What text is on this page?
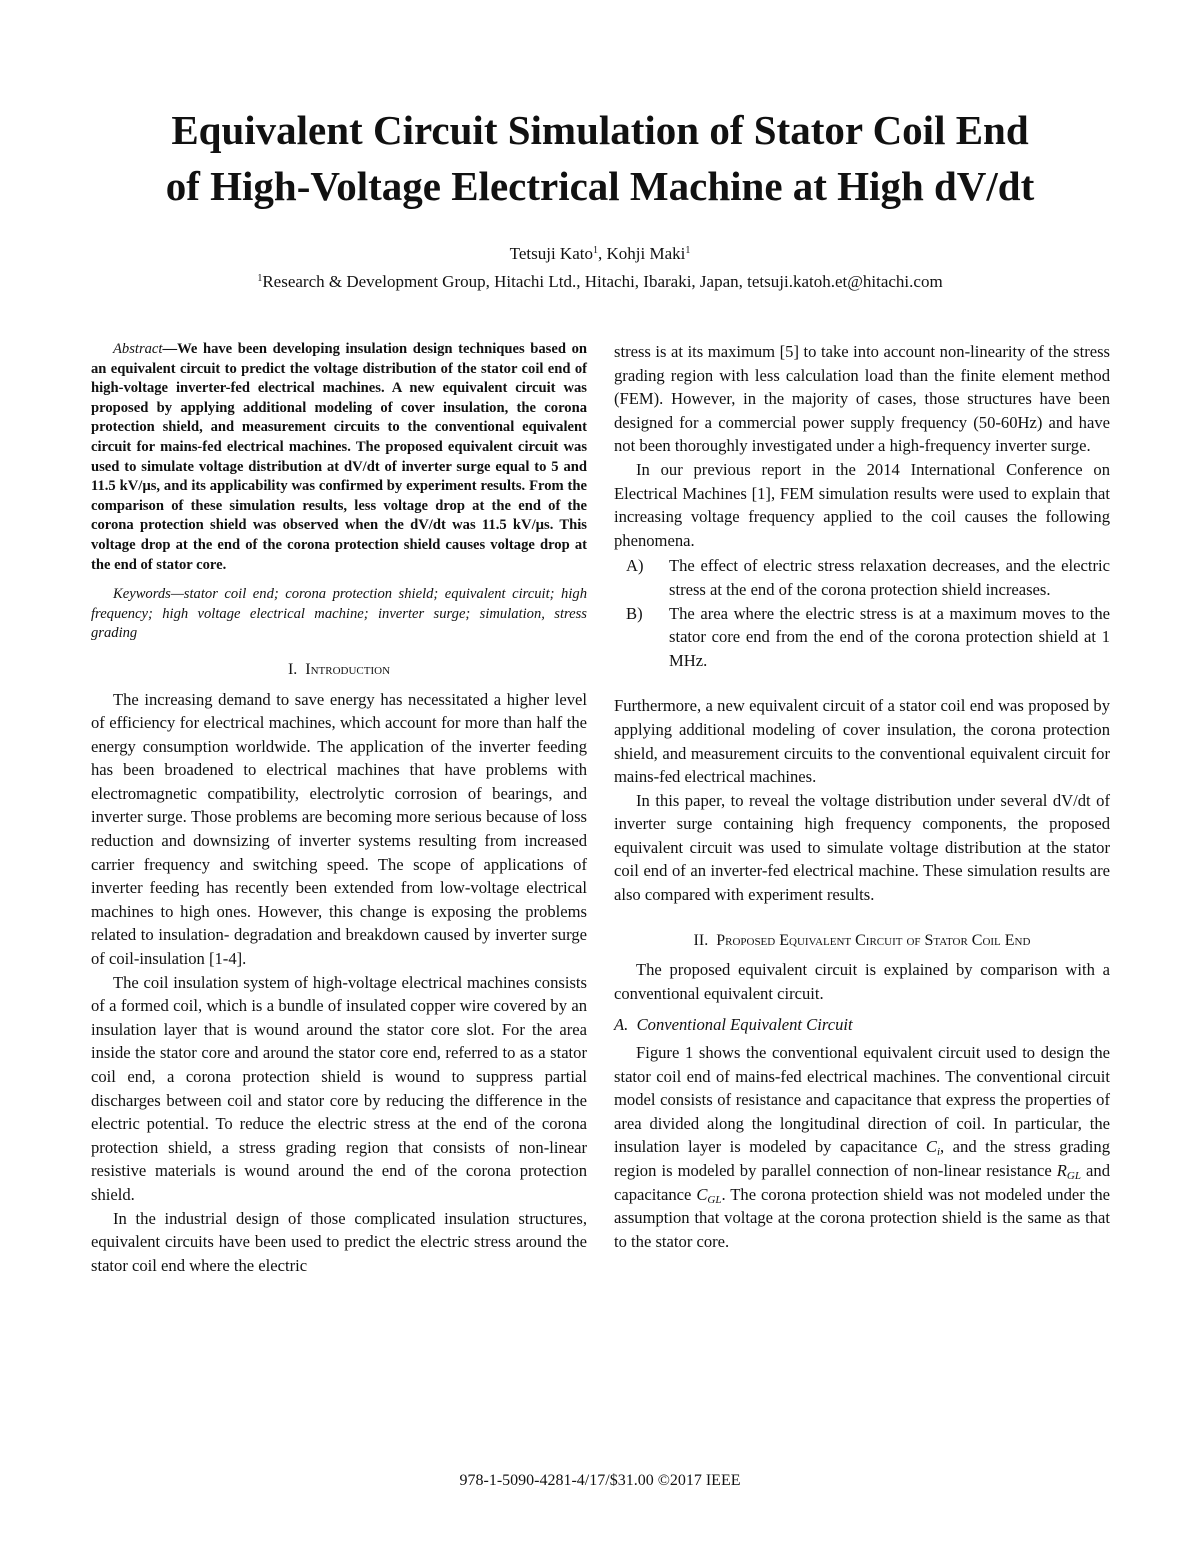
Equivalent Circuit Simulation of Stator Coil End
of High-Voltage Electrical Machine at High dV/dt
Tetsuji Kato$^1$, Kohji Maki$^1$
$^1$Research & Development Group, Hitachi Ltd., Hitachi, Ibaraki, Japan, tetsuji.katoh.et@hitachi.com

Abstract—We have been developing insulation design techniques based on an equivalent circuit to predict the voltage distribution of the stator coil end of high-voltage inverter-fed electrical machines. A new equivalent circuit was proposed by applying additional modeling of cover insulation, the corona protection shield, and measurement circuits to the conventional equivalent circuit for mains-fed electrical machines. The proposed equivalent circuit was used to simulate voltage distribution at dV/dt of inverter surge equal to 5 and 11.5 kV/µs, and its applicability was confirmed by experiment results. From the comparison of these simulation results, less voltage drop at the end of the corona protection shield was observed when the dV/dt was 11.5 kV/µs. This voltage drop at the end of the corona protection shield causes voltage drop at the end of stator core.

Keywords—stator coil end; corona protection shield; equivalent circuit; high frequency; high voltage electrical machine; inverter surge; simulation, stress grading

I. Introduction

The increasing demand to save energy has necessitated a higher level of efficiency for electrical machines, which account for more than half the energy consumption worldwide. The application of the inverter feeding has been broadened to electrical machines that have problems with electromagnetic compatibility, electrolytic corrosion of bearings, and inverter surge. Those problems are becoming more serious because of loss reduction and downsizing of inverter systems resulting from increased carrier frequency and switching speed. The scope of applications of inverter feeding has recently been extended from low-voltage electrical machines to high ones. However, this change is exposing the problems related to insulation- degradation and breakdown caused by inverter surge of coil-insulation [1-4].

The coil insulation system of high-voltage electrical machines consists of a formed coil, which is a bundle of insulated copper wire covered by an insulation layer that is wound around the stator core slot. For the area inside the stator core and around the stator core end, referred to as a stator coil end, a corona protection shield is wound to suppress partial discharges between coil and stator core by reducing the difference in the electric potential. To reduce the electric stress at the end of the corona protection shield, a stress grading region that consists of non-linear resistive materials is wound around the end of the corona protection shield.

In the industrial design of those complicated insulation structures, equivalent circuits have been used to predict the electric stress around the stator coil end where the electric

stress is at its maximum [5] to take into account non-linearity of the stress grading region with less calculation load than the finite element method (FEM). However, in the majority of cases, those structures have been designed for a commercial power supply frequency (50-60Hz) and have not been thoroughly investigated under a high-frequency inverter surge.

In our previous report in the 2014 International Conference on Electrical Machines [1], FEM simulation results were used to explain that increasing voltage frequency applied to the coil causes the following phenomena.

A)	The effect of electric stress relaxation decreases, and the electric stress at the end of the corona protection shield increases.
B)	The area where the electric stress is at a maximum moves to the stator core end from the end of the corona protection shield at 1 MHz.

Furthermore, a new equivalent circuit of a stator coil end was proposed by applying additional modeling of cover insulation, the corona protection shield, and measurement circuits to the conventional equivalent circuit for mains-fed electrical machines.

In this paper, to reveal the voltage distribution under several dV/dt of inverter surge containing high frequency components, the proposed equivalent circuit was used to simulate voltage distribution at the stator coil end of an inverter-fed electrical machine. These simulation results are also compared with experiment results.

II. Proposed Equivalent Circuit of Stator Coil End

The proposed equivalent circuit is explained by comparison with a conventional equivalent circuit.

A. Conventional Equivalent Circuit

Figure 1 shows the conventional equivalent circuit used to design the stator coil end of mains-fed electrical machines. The conventional circuit model consists of resistance and capacitance that express the properties of area divided along the longitudinal direction of coil. In particular, the insulation layer is modeled by capacitance $C_i$, and the stress grading region is modeled by parallel connection of non-linear resistance $R_{GL}$ and capacitance $C_{GL}$. The corona protection shield was not modeled under the assumption that voltage at the corona protection shield is the same as that to the stator core.

978-1-5090-4281-4/17/$31.00 ©2017 IEEE
